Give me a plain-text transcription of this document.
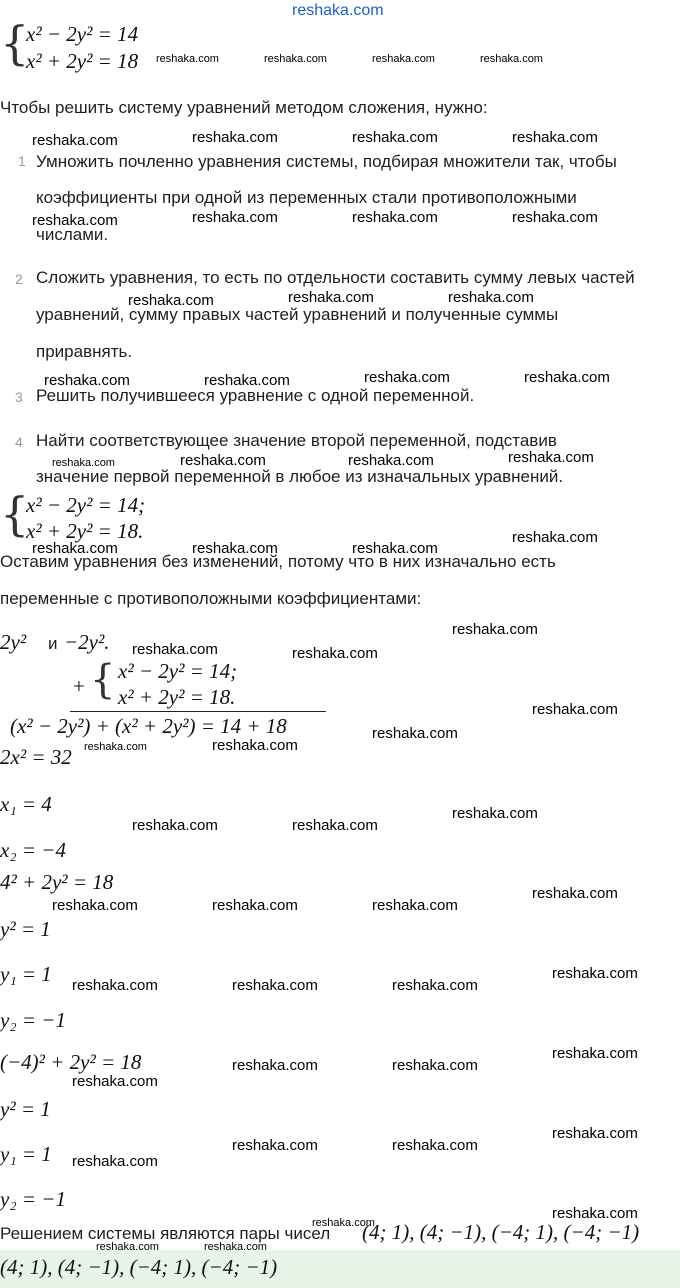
reshaka.com
{
x² − 2y² = 14
x² + 2y² = 18
Чтобы решить систему уравнений методом сложения, нужно:
1 Умножить почленно уравнения системы, подбирая множители так, чтобы
коэффициенты при одной из переменных стали противоположными
числами.
2 Сложить уравнения, то есть по отдельности составить сумму левых частей
уравнений, сумму правых частей уравнений и полученные суммы
приравнять.
3 Решить получившееся уравнение с одной переменной.
4 Найти соответствующее значение второй переменной, подставив
значение первой переменной в любое из изначальных уравнений.
{
x² − 2y² = 14;
x² + 2y² = 18.
Оставим уравнения без изменений, потому что в них изначально есть
переменные с противоположными коэффициентами:
2y² и −2y².
+ { x² − 2y² = 14;
x² + 2y² = 18.
(x² − 2y²) + (x² + 2y²) = 14 + 18
2x² = 32
x₁ = 4
x₂ = −4
4² + 2y² = 18
y² = 1
y₁ = 1
y₂ = −1
(−4)² + 2y² = 18
y² = 1
y₁ = 1
y₂ = −1
Решением системы являются пары чисел (4; 1), (4; −1), (−4; 1), (−4; −1)
(4; 1), (4; −1), (−4; 1), (−4; −1)
reshaka.com	reshaka.com	reshaka.com	reshaka.com
reshaka.com	reshaka.com	reshaka.com	reshaka.com
reshaka.com	reshaka.com	reshaka.com	reshaka.com
reshaka.com	reshaka.com	reshaka.com
reshaka.com	reshaka.com	reshaka.com	reshaka.com
reshaka.com	reshaka.com	reshaka.com	reshaka.com
reshaka.com	reshaka.com	reshaka.com
reshaka.com
reshaka.com
reshaka.com	reshaka.com
reshaka.com
reshaka.com
reshaka.com	reshaka.com
reshaka.com
reshaka.com	reshaka.com
reshaka.com
reshaka.com	reshaka.com	reshaka.com
reshaka.com
reshaka.com	reshaka.com	reshaka.com
reshaka.com
reshaka.com	reshaka.com
reshaka.com
reshaka.com
reshaka.com	reshaka.com
reshaka.com
reshaka.com
reshaka.com
reshaka.com	reshaka.com
